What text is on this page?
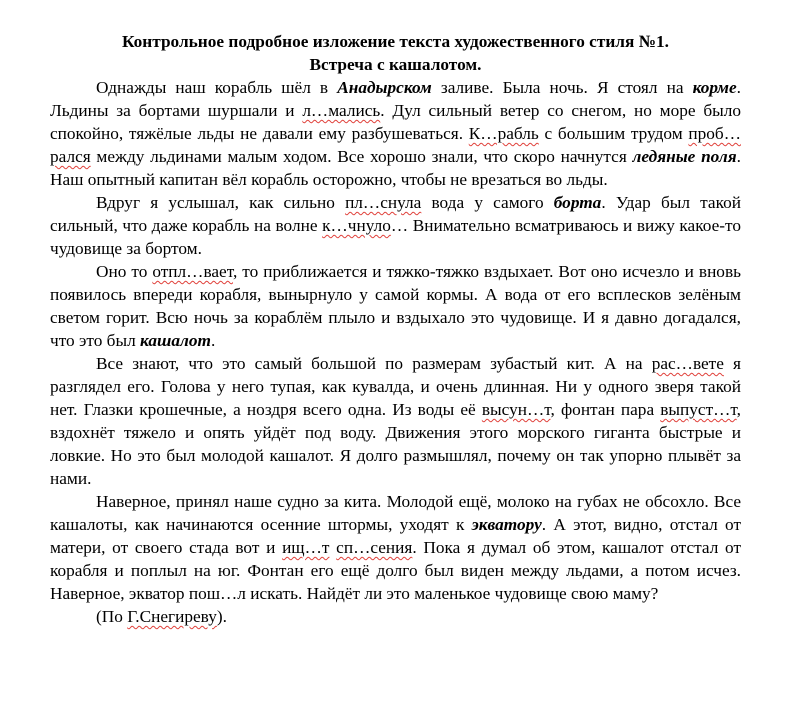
Контрольное подробное изложение текста художественного стиля №1.
Встреча с кашалотом.

Однажды наш корабль шёл в Анадырском заливе. Была ночь. Я стоял на корме. Льдины за бортами шуршали и л…мались. Дул сильный ветер со снегом, но море было спокойно, тяжёлые льды не давали ему разбушеваться. К…рабль с большим трудом проб…рался между льдинами малым ходом. Все хорошо знали, что скоро начнутся ледяные поля. Наш опытный капитан вёл корабль осторожно, чтобы не врезаться во льды.

Вдруг я услышал, как сильно пл…снула вода у самого борта. Удар был такой сильный, что даже корабль на волне к…чнуло… Внимательно всматриваюсь и вижу какое-то чудовище за бортом.

Оно то отпл…вает, то приближается и тяжко-тяжко вздыхает. Вот оно исчезло и вновь появилось впереди корабля, вынырнуло у самой кормы. А вода от его всплесков зелёным светом горит. Всю ночь за кораблём плыло и вздыхало это чудовище. И я давно догадался, что это был кашалот.

Все знают, что это самый большой по размерам зубастый кит. А на рас…вете я разглядел его. Голова у него тупая, как кувалда, и очень длинная. Ни у одного зверя такой нет. Глазки крошечные, а ноздря всего одна. Из воды её высун…т, фонтан пара выпуст…т, вздохнёт тяжело и опять уйдёт под воду. Движения этого морского гиганта быстрые и ловкие. Но это был молодой кашалот. Я долго размышлял, почему он так упорно плывёт за нами.

Наверное, принял наше судно за кита. Молодой ещё, молоко на губах не обсохло. Все кашалоты, как начинаются осенние штормы, уходят к экватору. А этот, видно, отстал от матери, от своего стада вот и ищ…т сп…сения. Пока я думал об этом, кашалот отстал от корабля и поплыл на юг. Фонтан его ещё долго был виден между льдами, а потом исчез. Наверное, экватор пош…л искать. Найдёт ли это маленькое чудовище свою маму?

(По Г.Снегиреву).
